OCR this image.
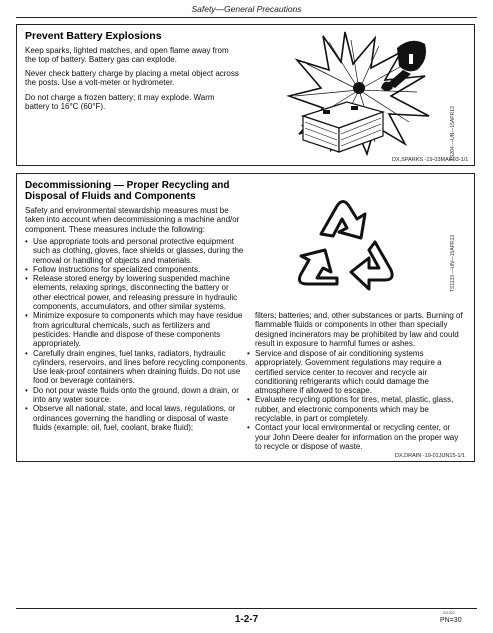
Safety—General Precautions
Prevent Battery Explosions

Keep sparks, lighted matches, and open flame away from the top of battery. Battery gas can explode.

Never check battery charge by placing a metal object across the posts. Use a volt-meter or hydrometer.

Do not charge a frozen battery; it may explode. Warm battery to 16°C (60°F).	TS204 —UN—15APR13
DX,SPARKS -19-03MAR93-1/1
Decommissioning — Proper Recycling and
Disposal of Fluids and Components

Safety and environmental stewardship measures must be taken into account when decommissioning a machine and/or component. These measures include the following:

• Use appropriate tools and personal protective equipment such as clothing, gloves, face shields or glasses, during the removal or handling of objects and materials.
• Follow instructions for specialized components.
• Release stored energy by lowering suspended machine elements, relaxing springs, disconnecting the battery or other electrical power, and releasing pressure in hydraulic components, accumulators, and other similar systems.
• Minimize exposure to components which may have residue from agricultural chemicals, such as fertilizers and pesticides. Handle and dispose of these components appropriately.
• Carefully drain engines, fuel tanks, radiators, hydraulic cylinders, reservoirs, and lines before recycling components. Use leak-proof containers when draining fluids. Do not use food or beverage containers.
• Do not pour waste fluids onto the ground, down a drain, or into any water source.
• Observe all national, state, and local laws, regulations, or ordinances governing the handling or disposal of waste fluids (example: oil, fuel, coolant, brake fluid);
TS1133 —UN—15APR13

filters; batteries; and, other substances or parts. Burning of flammable fluids or components in other than specially designed incinerators may be prohibited by law and could result in exposure to harmful fumes or ashes.

• Service and dispose of air conditioning systems appropriately. Government regulations may require a certified service center to recover and recycle air conditioning refrigerants which could damage the atmosphere if allowed to escape.
• Evaluate recycling options for tires, metal, plastic, glass, rubber, and electronic components which may be recyclable, in part or completely.
• Contact your local environmental or recycling center, or your John Deere dealer for information on the proper way to recycle or dispose of waste.
DX,DRAIN -19-01JUN15-1/1
1-2-7
021922
PN=30
